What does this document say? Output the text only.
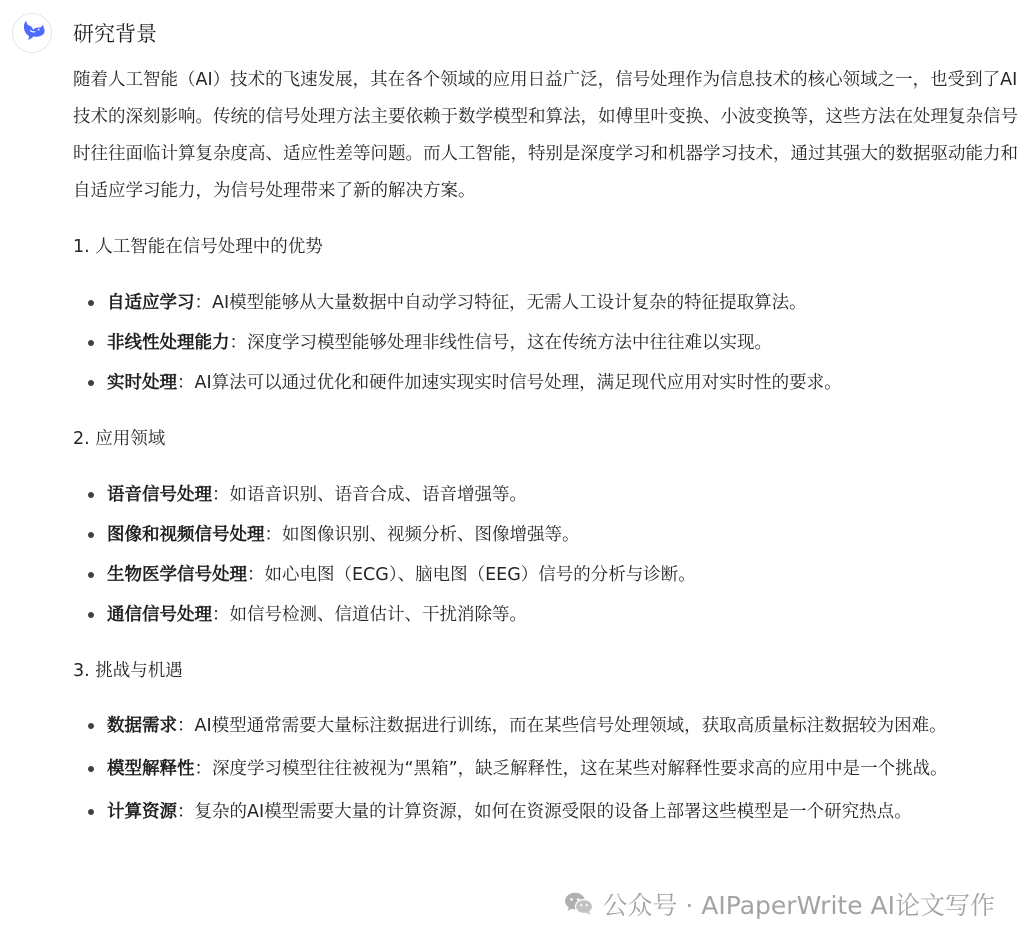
研究背景

随着人工智能（AI）技术的飞速发展，其在各个领域的应用日益广泛，信号处理作为信息技术的核心领域之一，也受到了AI技术的深刻影响。传统的信号处理方法主要依赖于数学模型和算法，如傅里叶变换、小波变换等，这些方法在处理复杂信号时往往面临计算复杂度高、适应性差等问题。而人工智能，特别是深度学习和机器学习技术，通过其强大的数据驱动能力和自适应学习能力，为信号处理带来了新的解决方案。

1. 人工智能在信号处理中的优势
自适应学习：AI模型能够从大量数据中自动学习特征，无需人工设计复杂的特征提取算法。
非线性处理能力：深度学习模型能够处理非线性信号，这在传统方法中往往难以实现。
实时处理：AI算法可以通过优化和硬件加速实现实时信号处理，满足现代应用对实时性的要求。
2. 应用领域
语音信号处理：如语音识别、语音合成、语音增强等。
图像和视频信号处理：如图像识别、视频分析、图像增强等。
生物医学信号处理：如心电图（ECG）、脑电图（EEG）信号的分析与诊断。
通信信号处理：如信号检测、信道估计、干扰消除等。
3. 挑战与机遇
数据需求：AI模型通常需要大量标注数据进行训练，而在某些信号处理领域，获取高质量标注数据较为困难。
模型解释性：深度学习模型往往被视为“黑箱”，缺乏解释性，这在某些对解释性要求高的应用中是一个挑战。
计算资源：复杂的AI模型需要大量的计算资源，如何在资源受限的设备上部署这些模型是一个研究热点。
公众号 · AIPaperWrite AI论文写作
